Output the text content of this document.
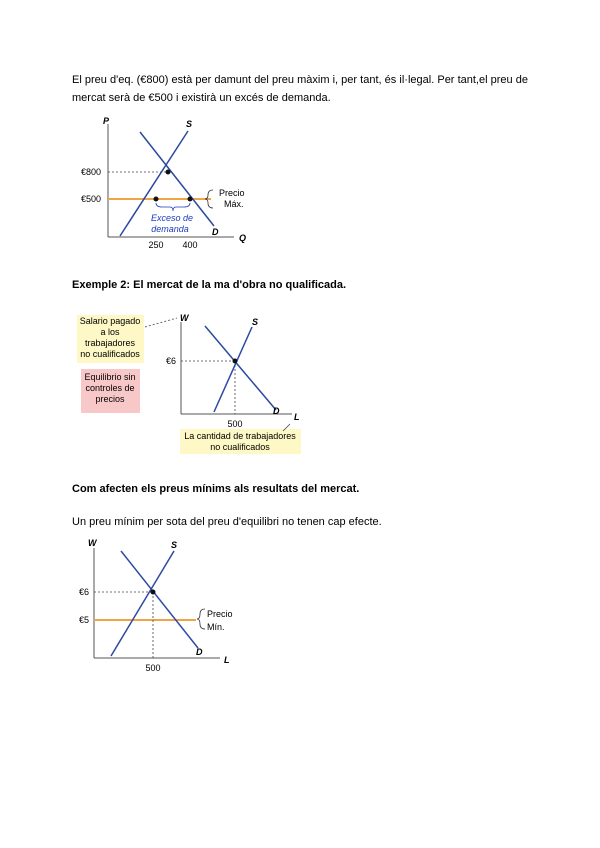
El preu d'eq. (€800) està per damunt del preu màxim i, per tant, és il·legal. Per tant,el preu de mercat serà de €500 i existirà un excés de demanda.

P
Q
S
D
€800
€500
250 400
Precio
Máx.
Exceso de
demanda

Exemple 2: El mercat de la ma d'obra no qualificada.

Salario pagado
a los
trabajadores
no cualificados
Equilibrio sin
controles de
precios
W
L
S
D
€6
500
La cantidad de trabajadores
no cualificados

Com afecten els preus mínims als resultats del mercat.

Un preu mínim per sota del preu d'equilibri no tenen cap efecte.

W
L
S
D
€6
€5
500
Precio
Mín.
